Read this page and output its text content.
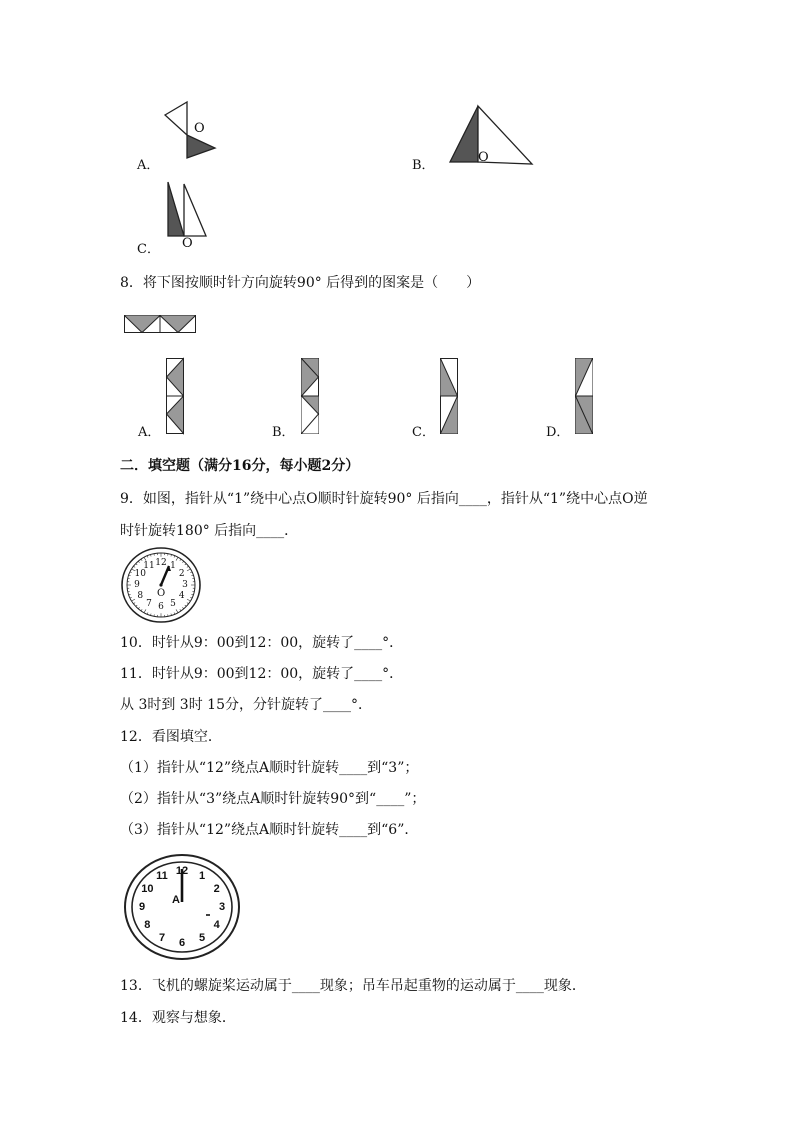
O
A．
O
B．
O
C．
8．将下图按顺时针方向旋转90° 后得到的图案是（　　）
A．	B．	C．	D．
二．填空题（满分16分，每小题2分）
9．如图，指针从“1”绕中心点O顺时针旋转90° 后指向____，指针从“1”绕中心点O逆
时针旋转180° 后指向____．
O
12 1
2
3
4
5
6
7
8
9
10
11
10．时针从9：00到12：00，旋转了____°．
11．时针从9：00到12：00，旋转了____°．
从 3时到 3时 15分，分针旋转了____°．
12．看图填空．
（1）指针从“12”绕点A顺时针旋转____到“3”；
（2）指针从“3”绕点A顺时针旋转90°到“____”；
（3）指针从“12”绕点A顺时针旋转____到“6”．
A
12 1
2
3
4
5
6
7
8
9
10
11
13．飞机的螺旋桨运动属于____现象；吊车吊起重物的运动属于____现象．
14．观察与想象．
